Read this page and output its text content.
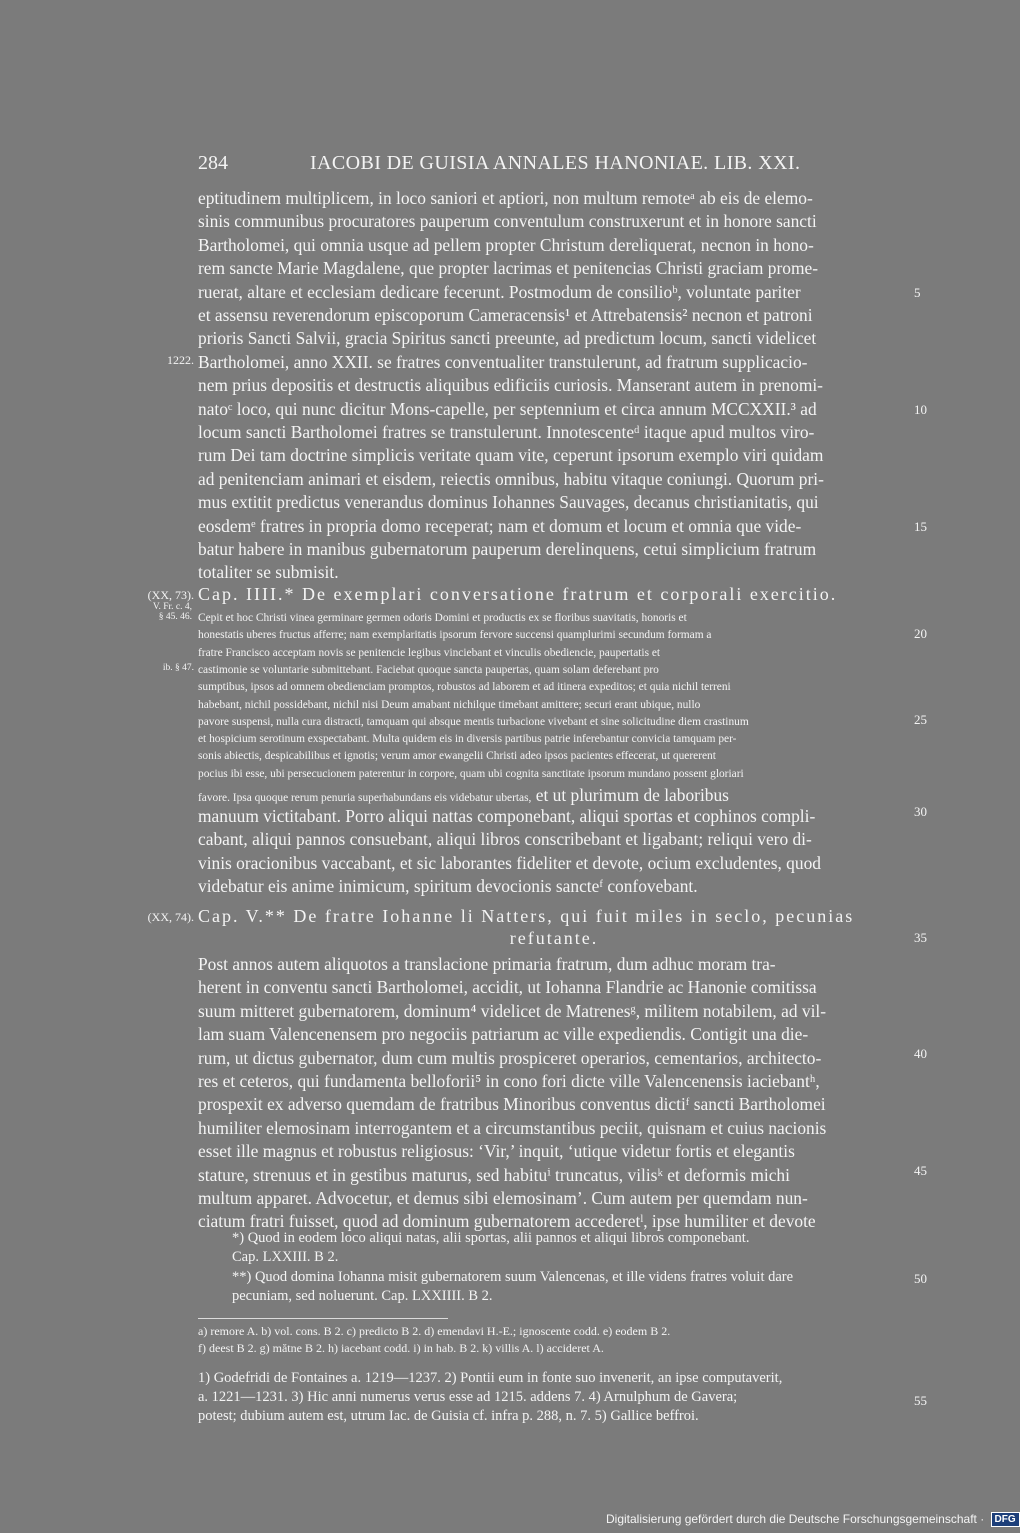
284	IACOBI DE GUISIA ANNALES HANONIAE. LIB. XXI.
eptitudinem multiplicem, in loco saniori et aptiori, non multum remoteᵃ ab eis de elemo-
sinis communibus procuratores pauperum conventulum construxerunt et in honore sancti
Bartholomei, qui omnia usque ad pellem propter Christum dereliquerat, necnon in hono-
rem sancte Marie Magdalene, que propter lacrimas et penitencias Christi graciam prome-
ruerat, altare et ecclesiam dedicare fecerunt. Postmodum de consilioᵇ, voluntate pariter
et assensu reverendorum episcoporum Cameracensis¹ et Attrebatensis² necnon et patroni
prioris Sancti Salvii, gracia Spiritus sancti preeunte, ad predictum locum, sancti videlicet
Bartholomei, anno XXII. se fratres conventualiter transtulerunt, ad fratrum supplicacio-
nem prius depositis et destructis aliquibus edificiis curiosis. Manserant autem in prenomi-
natoᶜ loco, qui nunc dicitur Mons-capelle, per septennium et circa annum MCCXXII.³ ad
locum sancti Bartholomei fratres se transtulerunt. Innotescenteᵈ itaque apud multos viro-
rum Dei tam doctrine simplicis veritate quam vite, ceperunt ipsorum exemplo viri quidam
ad penitenciam animari et eisdem, reiectis omnibus, habitu vitaque coniungi. Quorum pri-
mus extitit predictus venerandus dominus Iohannes Sauvages, decanus christianitatis, qui
eosdemᵉ fratres in propria domo receperat; nam et domum et locum et omnia que vide-
batur habere in manibus gubernatorum pauperum derelinquens, cetui simplicium fratrum
totaliter se submisit.
Cap. IIII.* De exemplari conversatione fratrum et corporali exercitio.
Cepit et hoc Christi vinea germinare germen odoris Domini et productis ex se floribus suavitatis, honoris et
honestatis uberes fructus afferre; nam exemplaritatis ipsorum fervore succensi quamplurimi secundum formam a
fratre Francisco acceptam novis se penitencie legibus vinciebant et vinculis obediencie, paupertatis et
castimonie se voluntarie submittebant. Faciebat quoque sancta paupertas, quam solam deferebant pro
sumptibus, ipsos ad omnem obedienciam promptos, robustos ad laborem et ad itinera expeditos; et quia nichil terreni
habebant, nichil possidebant, nichil nisi Deum amabant nichilque timebant amittere; securi erant ubique, nullo
pavore suspensi, nulla cura distracti, tamquam qui absque mentis turbacione vivebant et sine solicitudine diem crastinum
et hospicium serotinum exspectabant. Multa quidem eis in diversis partibus patrie inferebantur convicia tamquam per-
sonis abiectis, despicabilibus et ignotis; verum amor ewangelii Christi adeo ipsos pacientes effecerat, ut quererent
pocius ibi esse, ubi persecucionem paterentur in corpore, quam ubi cognita sanctitate ipsorum mundano possent gloriari
favore. Ipsa quoque rerum penuria superhabundans eis videbatur ubertas, et ut plurimum de laboribus
manuum victitabant. Porro aliqui nattas componebant, aliqui sportas et cophinos compli-
cabant, aliqui pannos consuebant, aliqui libros conscribebant et ligabant; reliqui vero di-
vinis oracionibus vaccabant, et sic laborantes fideliter et devote, ocium excludentes, quod
videbatur eis anime inimicum, spiritum devocionis sancteᶠ confovebant.
Cap. V.** De fratre Iohanne li Natters, qui fuit miles in seclo, pecunias
refutante.
Post annos autem aliquotos a translacione primaria fratrum, dum adhuc moram tra-
herent in conventu sancti Bartholomei, accidit, ut Iohanna Flandrie ac Hanonie comitissa
suum mitteret gubernatorem, dominum⁴ videlicet de Matrenesᵍ, militem notabilem, ad vil-
lam suam Valencenensem pro negociis patriarum ac ville expediendis. Contigit una die-
rum, ut dictus gubernator, dum cum multis prospiceret operarios, cementarios, architecto-
res et ceteros, qui fundamenta belloforii⁵ in cono fori dicte ville Valencenensis iaciebantʰ,
prospexit ex adverso quemdam de fratribus Minoribus conventus dictiᶠ sancti Bartholomei
humiliter elemosinam interrogantem et a circumstantibus peciit, quisnam et cuius nacionis
esset ille magnus et robustus religiosus: ‘Vir,’ inquit, ‘utique videtur fortis et elegantis
stature, strenuus et in gestibus maturus, sed habituⁱ truncatus, vilisᵏ et deformis michi
multum apparet. Advocetur, et demus sibi elemosinam’. Cum autem per quemdam nun-
ciatum fratri fuisset, quod ad dominum gubernatorem accederetˡ, ipse humiliter et devote
*) Quod in eodem loco aliqui natas, alii sportas, alii pannos et aliqui libros componebant.
Cap. LXXIII. B 2.
**) Quod domina Iohanna misit gubernatorem suum Valencenas, et ille videns fratres voluit dare
pecuniam, sed noluerunt. Cap. LXXIIII. B 2.
a) remore A. b) vol. cons. B 2. c) predicto B 2. d) emendavi H.-E.; ignoscente codd. e) eodem B 2.
f) deest B 2. g) mătne B 2. h) iacebant codd. i) in hab. B 2. k) villis A. l) accideret A.
1) Godefridi de Fontaines a. 1219—1237. 2) Pontii eum in fonte suo invenerit, an ipse computaverit,
a. 1221—1231. 3) Hic anni numerus verus esse ad 1215. addens 7. 4) Arnulphum de Gavera;
potest; dubium autem est, utrum Iac. de Guisia cf. infra p. 288, n. 7. 5) Gallice beffroi.
5
10
15
20
25
30
35
40
45
50
55
1222.
(XX, 73).
V. Fr. c. 4,
§ 45. 46.
ib. § 47.
(XX, 74).
Digitalisierung gefördert durch die Deutsche Forschungsgemeinschaft · DFG
